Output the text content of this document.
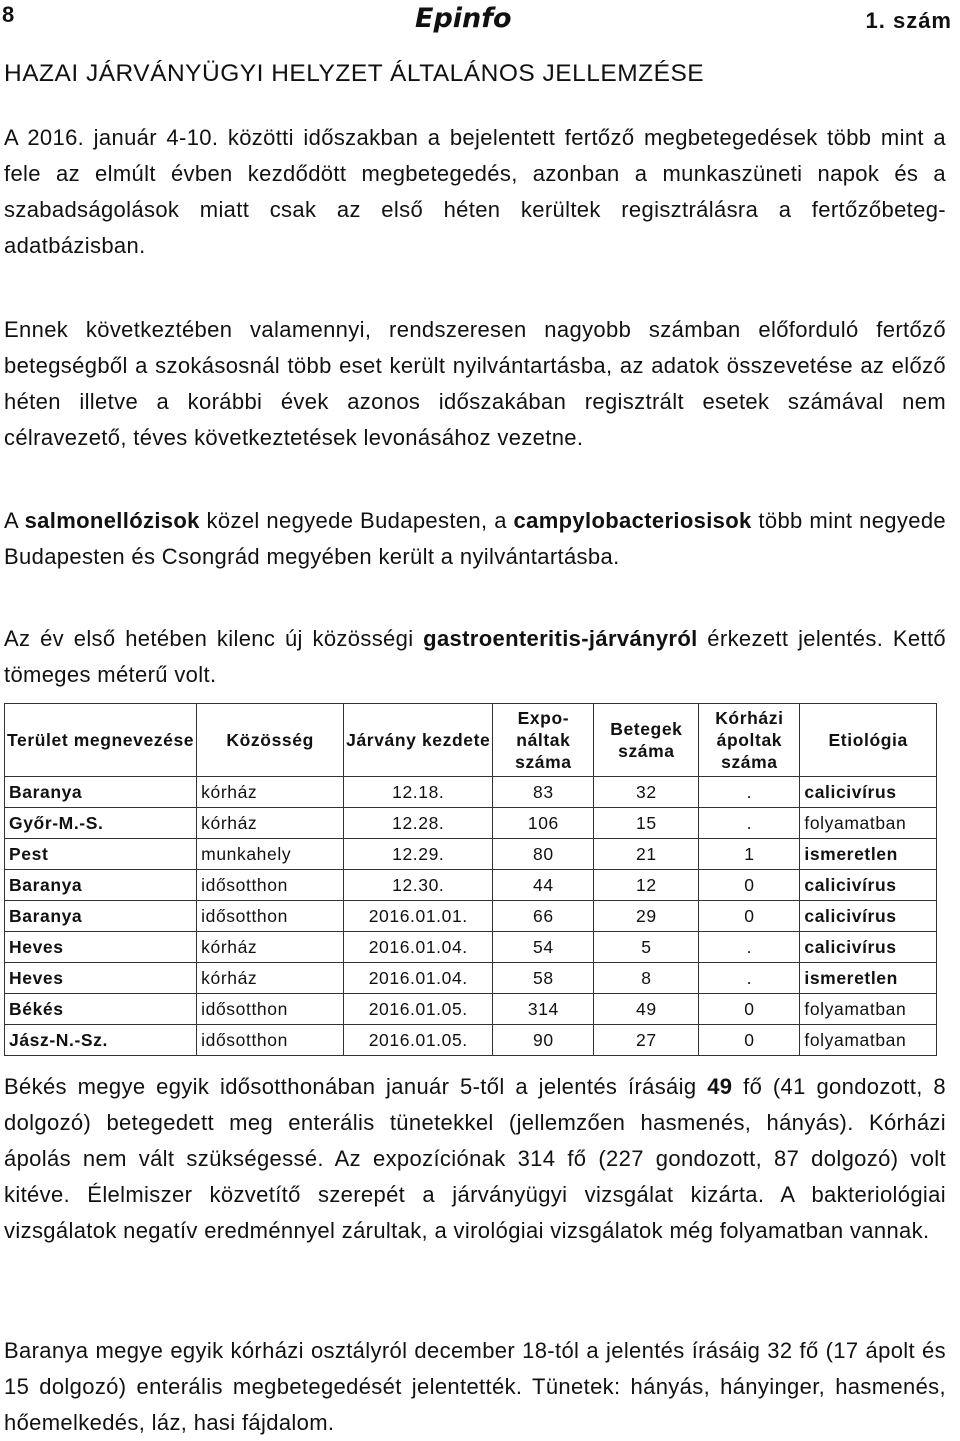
8	Epinfo	1. szám
HAZAI JÁRVÁNYÜGYI HELYZET ÁLTALÁNOS JELLEMZÉSE

A 2016. január 4-10. közötti időszakban a bejelentett fertőző megbetegedések több mint a fele az elmúlt évben kezdődött megbetegedés, azonban a munkaszüneti napok és a szabadságolások miatt csak az első héten kerültek regisztrálásra a fertőzőbeteg-adatbázisban.

Ennek következtében valamennyi, rendszeresen nagyobb számban előforduló fertőző betegségből a szokásosnál több eset került nyilvántartásba, az adatok összevetése az előző héten illetve a korábbi évek azonos időszakában regisztrált esetek számával nem célravezető, téves következtetések levonásához vezetne.

A salmonellózisok közel negyede Budapesten, a campylobacteriosisok több mint negyede Budapesten és Csongrád megyében került a nyilvántartásba.

Az év első hetében kilenc új közösségi gastroenteritis-járványról érkezett jelentés. Kettő tömeges méterű volt.

Terület megnevezése	Közösség	Járvány kezdete	Expo- náltak száma	Betegek száma	Kórházi ápoltak száma	Etiológia
Baranya	kórház	12.18.	83	32	.	calicivírus
Győr-M.-S.	kórház	12.28.	106	15	.	folyamatban
Pest	munkahely	12.29.	80	21	1	ismeretlen
Baranya	idősotthon	12.30.	44	12	0	calicivírus
Baranya	idősotthon	2016.01.01.	66	29	0	calicivírus
Heves	kórház	2016.01.04.	54	5	.	calicivírus
Heves	kórház	2016.01.04.	58	8	.	ismeretlen
Békés	idősotthon	2016.01.05.	314	49	0	folyamatban
Jász-N.-Sz.	idősotthon	2016.01.05.	90	27	0	folyamatban

Békés megye egyik idősotthonában január 5-től a jelentés írásáig 49 fő (41 gondozott, 8 dolgozó) betegedett meg enterális tünetekkel (jellemzően hasmenés, hányás). Kórházi ápolás nem vált szükségessé. Az expozíciónak 314 fő (227 gondozott, 87 dolgozó) volt kitéve. Élelmiszer közvetítő szerepét a járványügyi vizsgálat kizárta. A bakteriológiai vizsgálatok negatív eredménnyel zárultak, a virológiai vizsgálatok még folyamatban vannak.

Baranya megye egyik kórházi osztályról december 18-tól a jelentés írásáig 32 fő (17 ápolt és 15 dolgozó) enterális megbetegedését jelentették. Tünetek: hányás, hányinger, hasmenés, hőemelkedés, láz, hasi fájdalom.
